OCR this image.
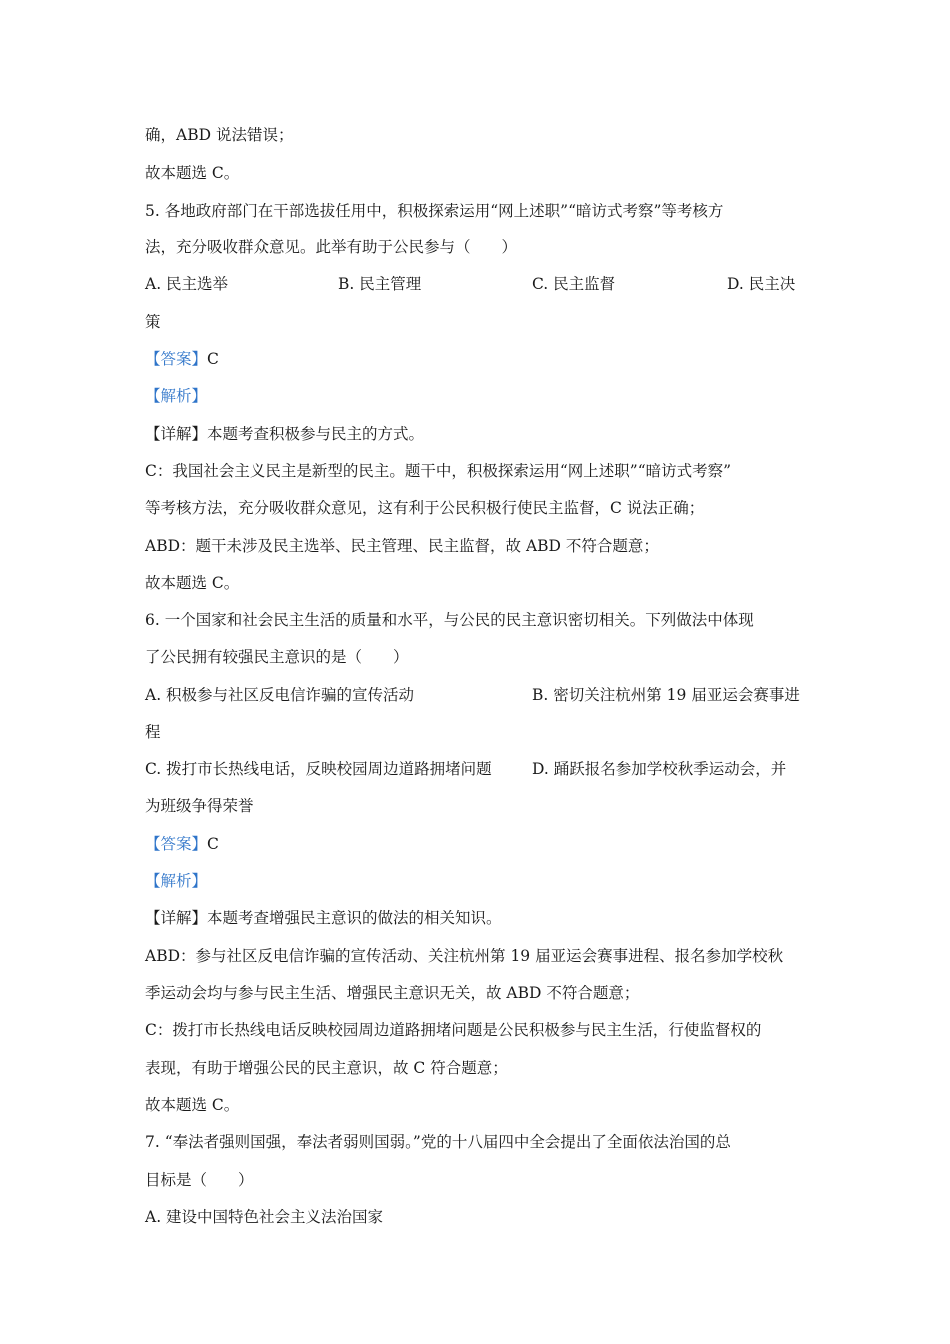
确，ABD 说法错误；
故本题选 C。
5. 各地政府部门在干部选拔任用中，积极探索运用“网上述职”“暗访式考察”等考核方
法，充分吸收群众意见。此举有助于公民参与（　　）
A. 民主选举	B. 民主管理	C. 民主监督	D. 民主决
策
【答案】C
【解析】
【详解】本题考查积极参与民主的方式。
C：我国社会主义民主是新型的民主。题干中，积极探索运用“网上述职”“暗访式考察”
等考核方法，充分吸收群众意见，这有利于公民积极行使民主监督，C 说法正确；
ABD：题干未涉及民主选举、民主管理、民主监督，故 ABD 不符合题意；
故本题选 C。
6. 一个国家和社会民主生活的质量和水平，与公民的民主意识密切相关。下列做法中体现
了公民拥有较强民主意识的是（　　）
A. 积极参与社区反电信诈骗的宣传活动	B. 密切关注杭州第 19 届亚运会赛事进
程
C. 拨打市长热线电话，反映校园周边道路拥堵问题	D. 踊跃报名参加学校秋季运动会，并
为班级争得荣誉
【答案】C
【解析】
【详解】本题考查增强民主意识的做法的相关知识。
ABD：参与社区反电信诈骗的宣传活动、关注杭州第 19 届亚运会赛事进程、报名参加学校秋
季运动会均与参与民主生活、增强民主意识无关，故 ABD 不符合题意；
C：拨打市长热线电话反映校园周边道路拥堵问题是公民积极参与民主生活，行使监督权的
表现，有助于增强公民的民主意识，故 C 符合题意；
故本题选 C。
7. “奉法者强则国强，奉法者弱则国弱。”党的十八届四中全会提出了全面依法治国的总
目标是（　　）
A. 建设中国特色社会主义法治国家
